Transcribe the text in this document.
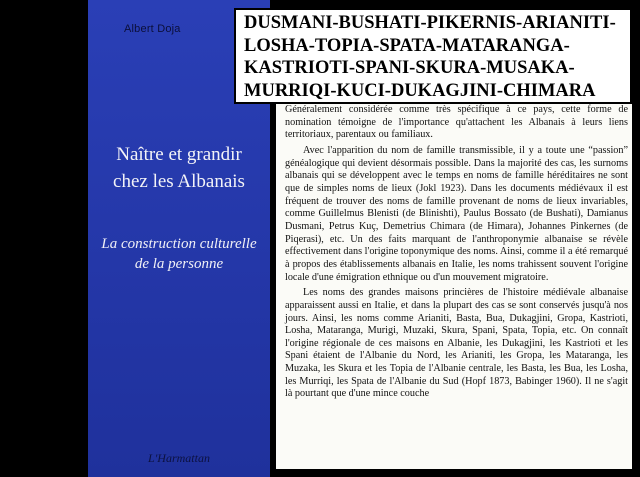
Albert Doja
Naître et grandir
chez les Albanais
La construction culturelle
de la personne
L'Harmattan
DUSMANI-BUSHATI-PIKERNIS-ARIANITI-
LOSHA-TOPIA-SPATA-MATARANGA-
KASTRIOTI-SPANI-SKURA-MUSAKA-
MURRIQI-KUCI-DUKAGJINI-CHIMARA

Généralement considérée comme très spécifique à ce pays, cette forme de nomination témoigne de l'importance qu'attachent les Albanais à leurs liens territoriaux, parentaux ou familiaux.

Avec l'apparition du nom de famille transmissible, il y a toute une “passion” généalogique qui devient désormais possible. Dans la majorité des cas, les surnoms albanais qui se développent avec le temps en noms de famille héréditaires ne sont que de simples noms de lieux (Jokl 1923). Dans les documents médiévaux il est fréquent de trouver des noms de famille provenant de noms de lieux invariables, comme Guillelmus Blenisti (de Blinishti), Paulus Bossato (de Bushati), Damianus Dusmani, Petrus Kuç, Demetrius Chimara (de Himara), Johannes Pinkernes (de Piqerasi), etc. Un des faits marquant de l'anthroponymie albanaise se révèle effectivement dans l'origine toponymique des noms. Ainsi, comme il a été remarqué à propos des établissements albanais en Italie, les noms trahissent souvent l'origine locale d'une émigration ethnique ou d'un mouvement migratoire.

Les noms des grandes maisons princières de l'histoire médiévale albanaise apparaissent aussi en Italie, et dans la plupart des cas se sont conservés jusqu'à nos jours. Ainsi, les noms comme Arianiti, Basta, Bua, Dukagjini, Gropa, Kastrioti, Losha, Mataranga, Murigi, Muzaki, Skura, Spani, Spata, Topia, etc. On connaît l'origine régionale de ces maisons en Albanie, les Dukagjini, les Kastrioti et les Spani étaient de l'Albanie du Nord, les Arianiti, les Gropa, les Mataranga, les Muzaka, les Skura et les Topia de l'Albanie centrale, les Basta, les Bua, les Losha, les Murriqi, les Spata de l'Albanie du Sud (Hopf 1873, Babinger 1960). Il ne s'agit là pourtant que d'une mince couche
